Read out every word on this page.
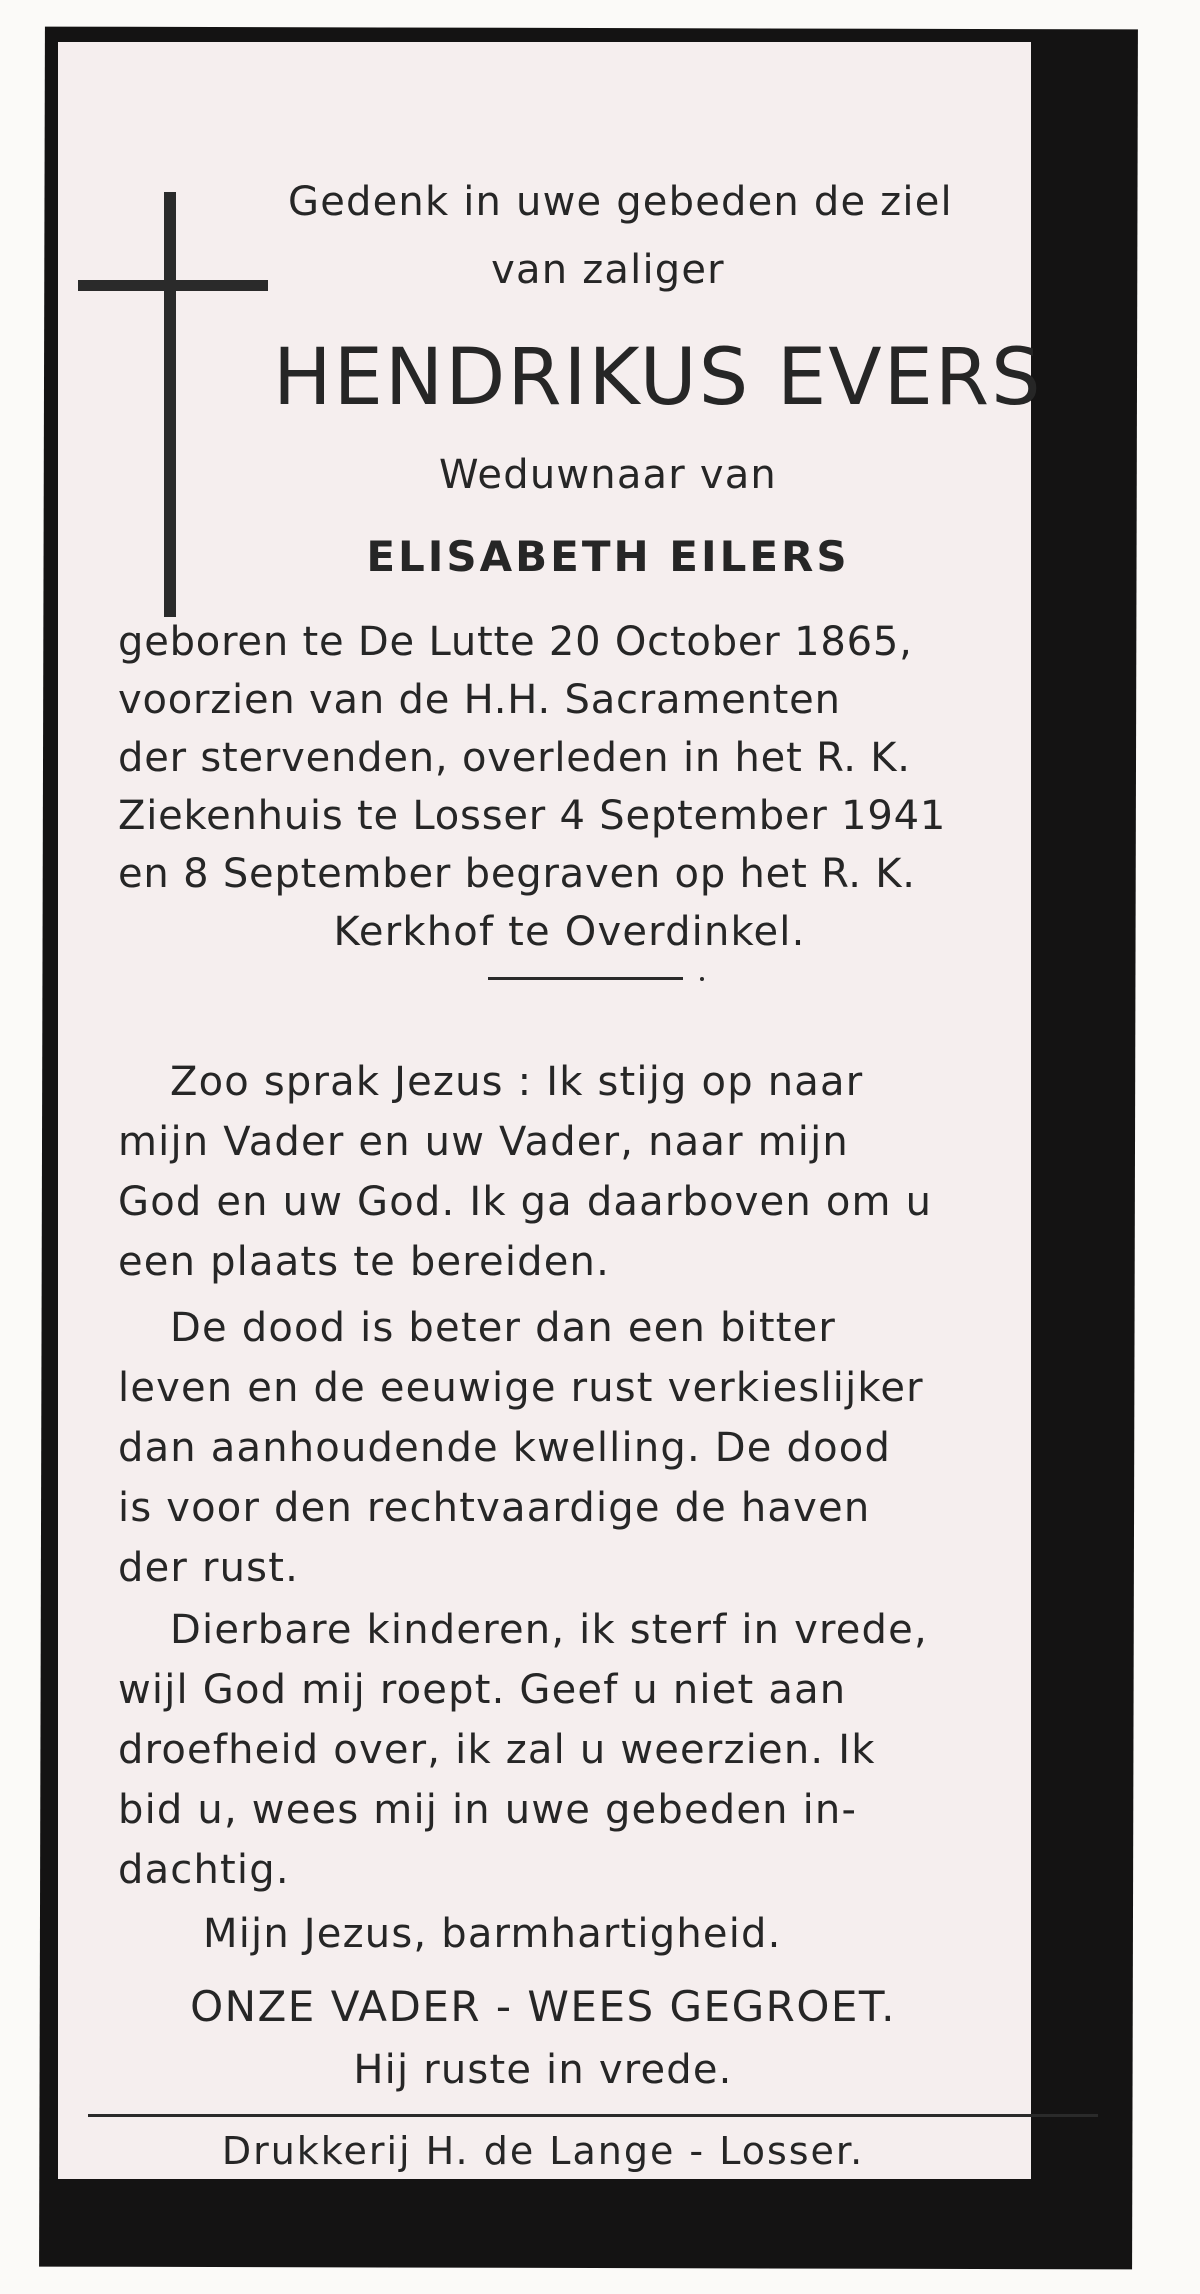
Gedenk in uwe gebeden de ziel
van zaliger
HENDRIKUS EVERS
Weduwnaar van
ELISABETH EILERS
geboren te De Lutte 20 October 1865,
voorzien van de H.H. Sacramenten
der stervenden, overleden in het R. K.
Ziekenhuis te Losser 4 September 1941
en 8 September begraven op het R. K.
Kerkhof te Overdinkel.
Zoo sprak Jezus : Ik stijg op naar
mijn Vader en uw Vader, naar mijn
God en uw God. Ik ga daarboven om u
een plaats te bereiden.
De dood is beter dan een bitter
leven en de eeuwige rust verkieslijker
dan aanhoudende kwelling. De dood
is voor den rechtvaardige de haven
der rust.
Dierbare kinderen, ik sterf in vrede,
wijl God mij roept. Geef u niet aan
droefheid over, ik zal u weerzien. Ik
bid u, wees mij in uwe gebeden in-
dachtig.
Mijn Jezus, barmhartigheid.
ONZE VADER - WEES GEGROET.
Hij ruste in vrede.
Drukkerij H. de Lange - Losser.
